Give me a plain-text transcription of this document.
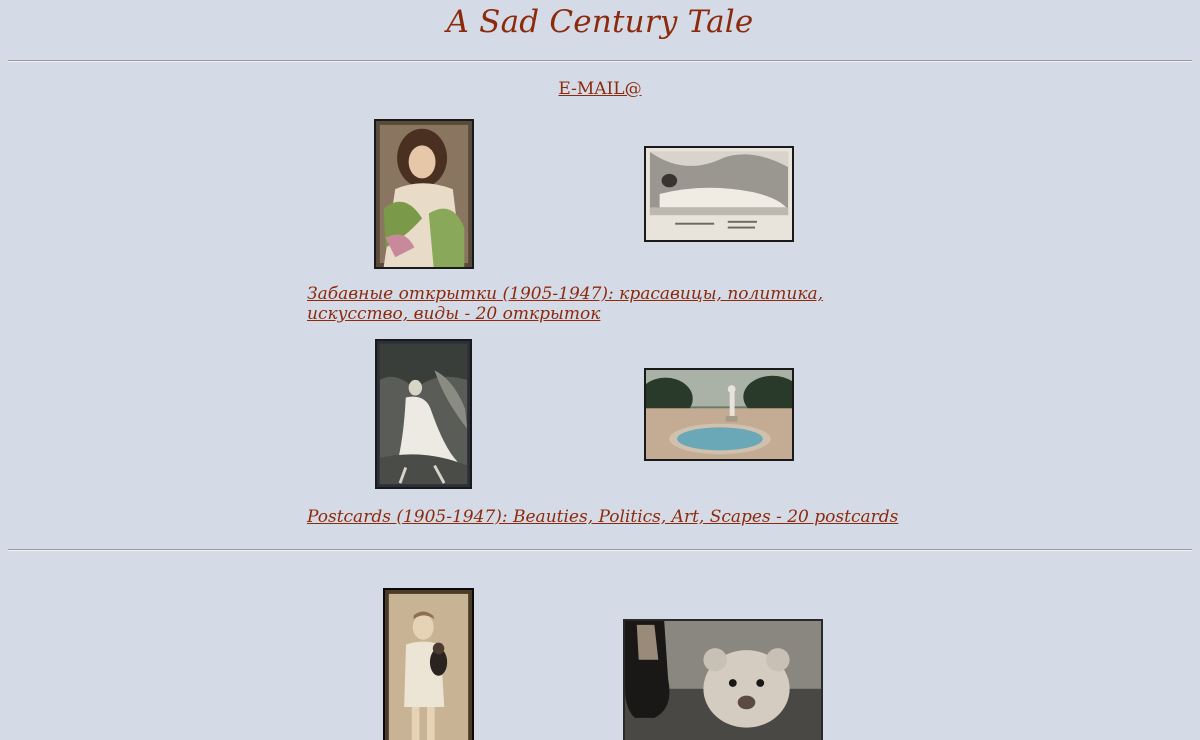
A Sad Century Tale
E-MAIL@
Забавные открытки (1905-1947): красавицы, политика, искусство, виды - 20 открыток
Postcards (1905-1947): Beauties, Politics, Art, Scapes - 20 postcards
